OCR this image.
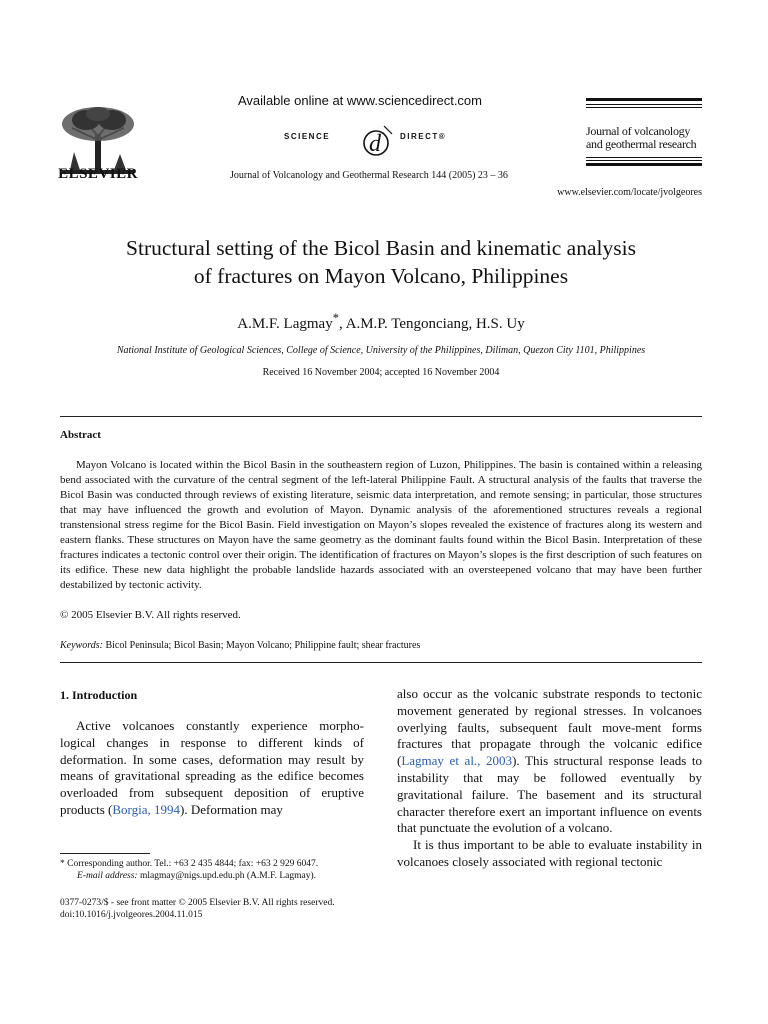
ELSEVIER
Available online at www.sciencedirect.com
d
SCIENCE	DIRECT®
Journal of Volcanology and Geothermal Research 144 (2005) 23 – 36
Journal of volcanology
and geothermal research
www.elsevier.com/locate/jvolgeores
Structural setting of the Bicol Basin and kinematic analysis
of fractures on Mayon Volcano, Philippines
A.M.F. Lagmay*, A.M.P. Tengonciang, H.S. Uy
National Institute of Geological Sciences, College of Science, University of the Philippines, Diliman, Quezon City 1101, Philippines
Received 16 November 2004; accepted 16 November 2004
Abstract
Mayon Volcano is located within the Bicol Basin in the southeastern region of Luzon, Philippines. The basin is contained within a releasing bend associated with the curvature of the central segment of the left-lateral Philippine Fault. A structural analysis of the faults that traverse the Bicol Basin was conducted through reviews of existing literature, seismic data interpretation, and remote sensing; in particular, those structures that may have influenced the growth and evolution of Mayon. Dynamic analysis of the aforementioned structures reveals a regional transtensional stress regime for the Bicol Basin. Field investigation on Mayon’s slopes revealed the existence of fractures along its western and eastern flanks. These structures on Mayon have the same geometry as the dominant faults found within the Bicol Basin. Interpretation of these fractures indicates a tectonic control over their origin. The identification of fractures on Mayon’s slopes is the first description of such features on its edifice. These new data highlight the probable landslide hazards associated with an oversteepened volcano that may have been further destabilized by tectonic activity.
© 2005 Elsevier B.V. All rights reserved.
Keywords: Bicol Peninsula; Bicol Basin; Mayon Volcano; Philippine fault; shear fractures
1. Introduction
Active volcanoes constantly experience morpho-logical changes in response to different kinds of deformation. In some cases, deformation may result by means of gravitational spreading as the edifice becomes overloaded from subsequent deposition of eruptive products (Borgia, 1994). Deformation may

also occur as the volcanic substrate responds to tectonic movement generated by regional stresses. In volcanoes overlying faults, subsequent fault move-ment forms fractures that propagate through the volcanic edifice (Lagmay et al., 2003). This structural response leads to instability that may be followed eventually by gravitational failure. The basement and its structural character therefore exert an important influence on events that punctuate the evolution of a volcano.

It is thus important to be able to evaluate instability in volcanoes closely associated with regional tectonic

* Corresponding author. Tel.: +63 2 435 4844; fax: +63 2 929 6047.
E-mail address: mlagmay@nigs.upd.edu.ph (A.M.F. Lagmay).
0377-0273/$ - see front matter © 2005 Elsevier B.V. All rights reserved.
doi:10.1016/j.jvolgeores.2004.11.015
